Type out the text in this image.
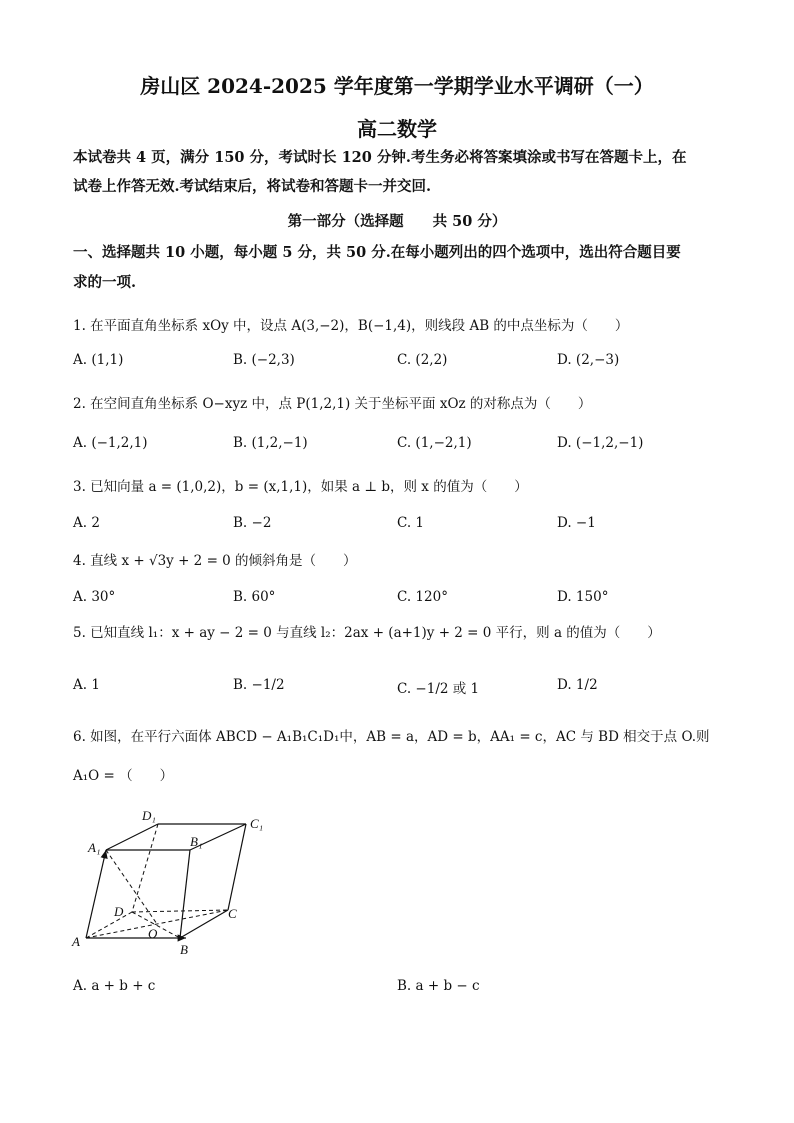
房山区 2024-2025 学年度第一学期学业水平调研（一）
高二数学
本试卷共 4 页，满分 150 分，考试时长 120 分钟.考生务必将答案填涂或书写在答题卡上，在
试卷上作答无效.考试结束后，将试卷和答题卡一并交回.
第一部分（选择题　　共 50 分）
一、选择题共 10 小题，每小题 5 分，共 50 分.在每小题列出的四个选项中，选出符合题目要
求的一项.
1. 在平面直角坐标系 xOy 中，设点 A(3,−2)，B(−1,4)，则线段 AB 的中点坐标为（　　）
A. (1,1)	B. (−2,3)	C. (2,2)	D. (2,−3)
2. 在空间直角坐标系 O−xyz 中，点 P(1,2,1) 关于坐标平面 xOz 的对称点为（　　）
A. (−1,2,1)	B. (1,2,−1)	C. (1,−2,1)	D. (−1,2,−1)
3. 已知向量 a = (1,0,2)，b = (x,1,1)，如果 a ⊥ b，则 x 的值为（　　）
A. 2	B. −2	C. 1	D. −1
4. 直线 x + √3y + 2 = 0 的倾斜角是（　　）
A. 30°	B. 60°	C. 120°	D. 150°
5. 已知直线 l₁：x + ay − 2 = 0 与直线 l₂：2ax + (a+1)y + 2 = 0 平行，则 a 的值为（　　）
A. 1	B. −1/2	C. −1/2 或 1	D. 1/2
6. 如图，在平行六面体 ABCD − A₁B₁C₁D₁中，AB = a，AD = b，AA₁ = c，AC 与 BD 相交于点 O.则
A₁O = （　　）
D₁
C₁
A₁	B₁
D	C
O
A
B
A. a + b + c	B. a + b − c
